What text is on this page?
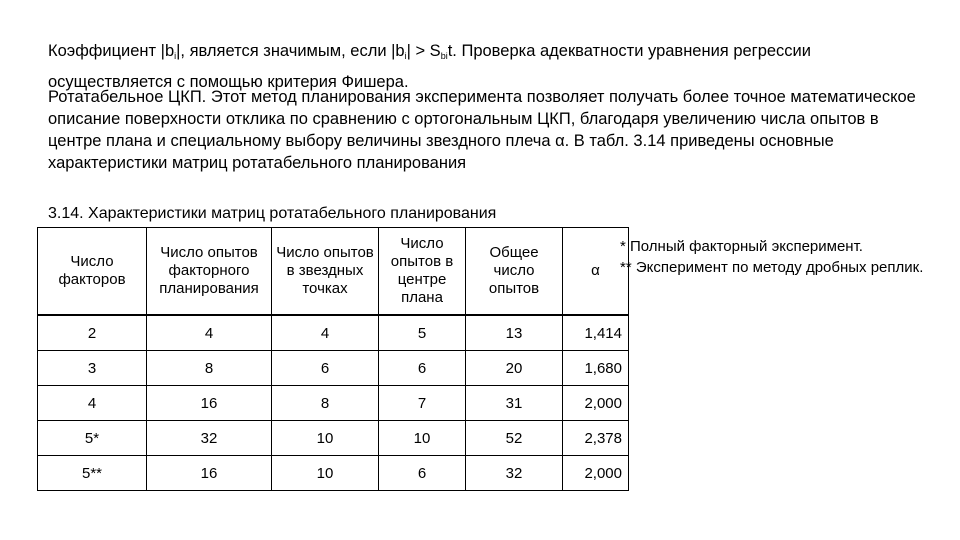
Коэффициент $|b_i|$, является значимым, если $|b_i| > S_{bi}t$. Проверка адекватности уравнения регрессии осуществляется с помощью критерия Фишера.
Ротатабельное ЦКП. Этот метод планирования эксперимента позволяет получать более точное математическое описание поверхности отклика по сравнению с ортогональным ЦКП, благодаря увеличению числа опытов в центре плана и специальному выбору величины звездного плеча α. В табл. 3.14 приведены основные характеристики матриц ротатабельного планирования
3.14. Характеристики матриц ротатабельного планирования
Число факторов	Число опытов факторного планирования	Число опытов в звездных точках	Число опытов в центре плана	Общее число опытов	α
2	4	4	5	13	1,414
3	8	6	6	20	1,680
4	16	8	7	31	2,000
5*	32	10	10	52	2,378
5**	16	10	6	32	2,000
* Полный факторный эксперимент.
** Эксперимент по методу дробных реплик.
